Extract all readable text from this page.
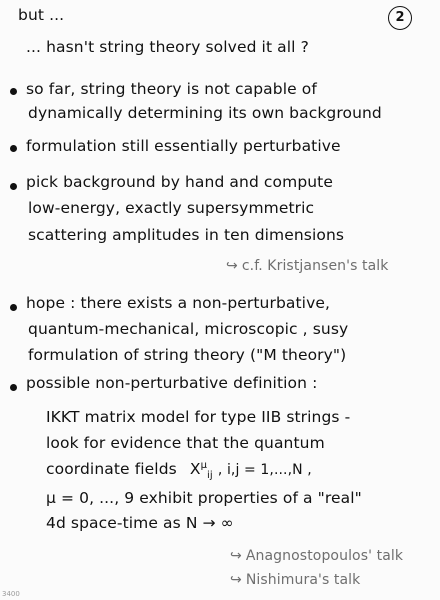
2
but ...
... hasn't string theory solved it all ?
so far, string theory is not capable of
dynamically determining its own background
formulation still essentially perturbative
pick background by hand and compute
low-energy, exactly supersymmetric
scattering amplitudes in ten dimensions
↪ c.f. Kristjansen's talk
hope : there exists a non-perturbative,
quantum-mechanical, microscopic , susy
formulation of string theory ("M theory")
possible non-perturbative definition :
IKKT matrix model for type IIB strings -
look for evidence that the quantum
coordinate fields $X^\mu_{ij}$ , i,j = 1,...,N ,
μ = 0, ..., 9 exhibit properties of a "real"
4d space-time as N → ∞
↪ Anagnostopoulos' talk
↪ Nishimura's talk
3400
